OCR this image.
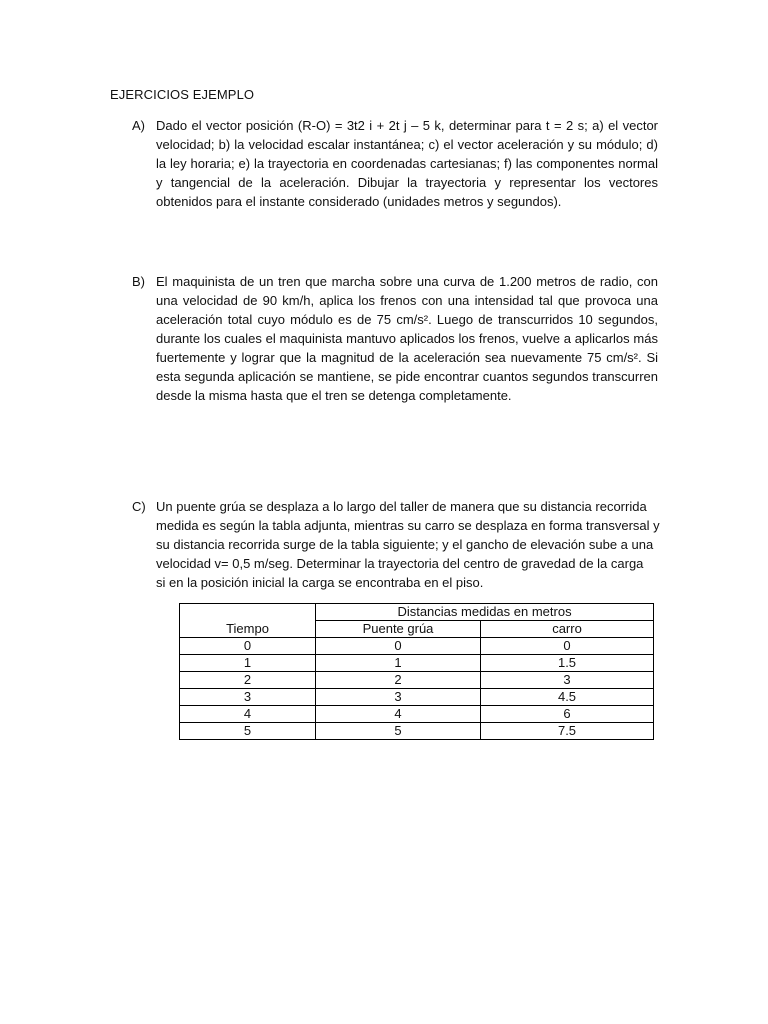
EJERCICIOS EJEMPLO
A) Dado el vector posición (R-O) = 3t2 i + 2t j – 5 k, determinar para t = 2 s; a) el vector
velocidad; b) la velocidad escalar instantánea; c) el vector aceleración y su módulo; d)
la ley horaria; e) la trayectoria en coordenadas cartesianas; f) las componentes normal
y tangencial de la aceleración. Dibujar la trayectoria y representar los vectores
obtenidos para el instante considerado (unidades metros y segundos).
B) El maquinista de un tren que marcha sobre una curva de 1.200 metros de radio, con
una velocidad de 90 km/h, aplica los frenos con una intensidad tal que provoca una
aceleración total cuyo módulo es de 75 cm/s². Luego de transcurridos 10 segundos,
durante los cuales el maquinista mantuvo aplicados los frenos, vuelve a aplicarlos más
fuertemente y lograr que la magnitud de la aceleración sea nuevamente 75 cm/s². Si
esta segunda aplicación se mantiene, se pide encontrar cuantos segundos transcurren
desde la misma hasta que el tren se detenga completamente.
C) Un puente grúa se desplaza a lo largo del taller de manera que su distancia recorrida
medida es según la tabla adjunta, mientras su carro se desplaza en forma transversal y
su distancia recorrida surge de la tabla siguiente; y el gancho de elevación sube a una
velocidad v= 0,5 m/seg. Determinar la trayectoria del centro de gravedad de la carga
si en la posición inicial la carga se encontraba en el piso.
Tiempo	Distancias medidas en metros	
	Puente grúa	carro
0	0	0
1	1	1.5
2	2	3
3	3	4.5
4	4	6
5	5	7.5
